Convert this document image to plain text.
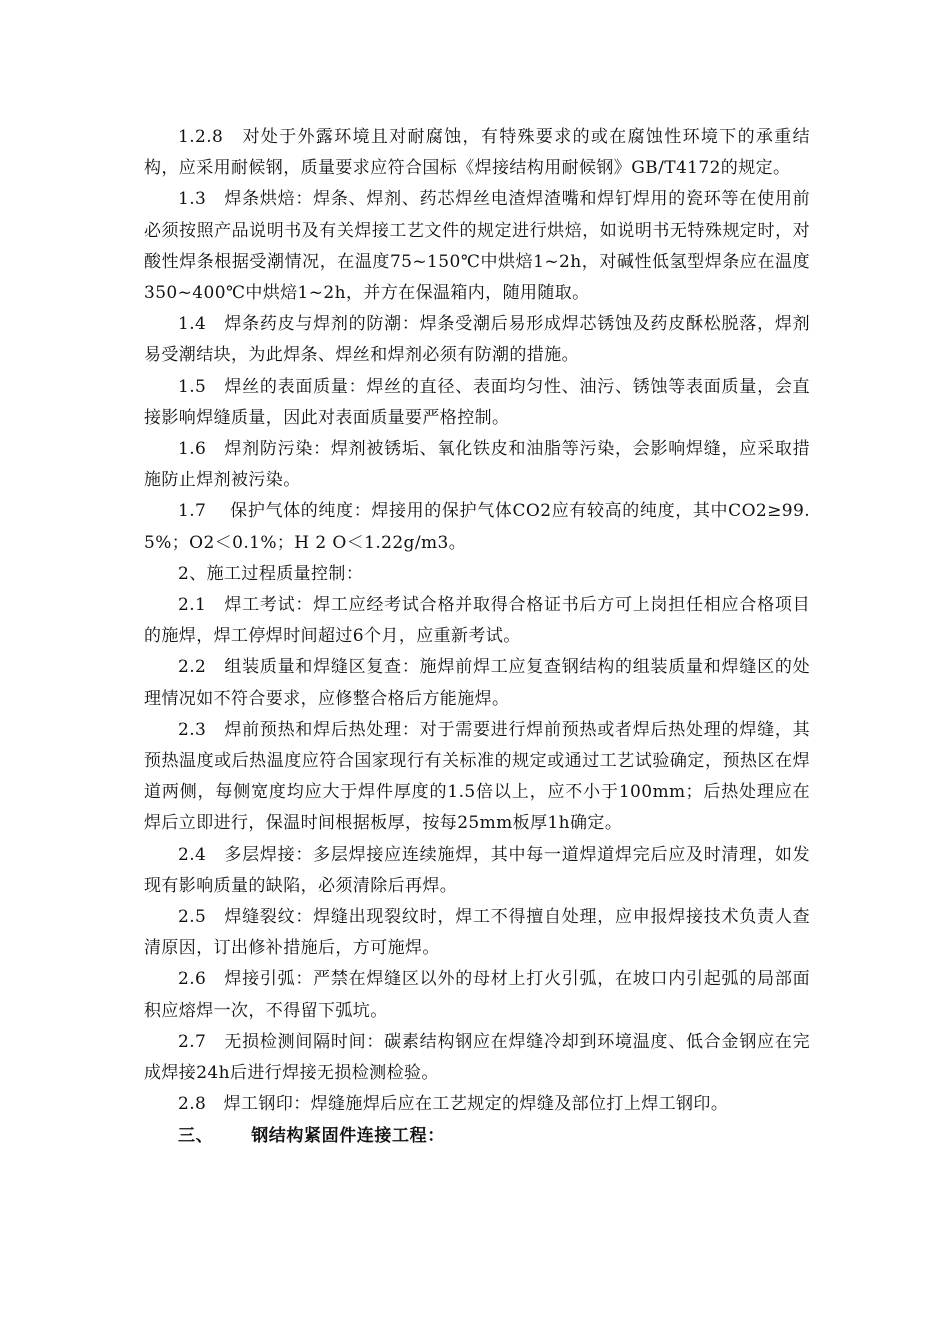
1.2.8　对处于外露环境且对耐腐蚀，有特殊要求的或在腐蚀性环境下的承重结构，应采用耐候钢，质量要求应符合国标《焊接结构用耐候钢》GB/T4172的规定。

1.3　焊条烘焙：焊条、焊剂、药芯焊丝电渣焊渣嘴和焊钉焊用的瓷环等在使用前必须按照产品说明书及有关焊接工艺文件的规定进行烘焙，如说明书无特殊规定时，对酸性焊条根据受潮情况，在温度75~150℃中烘焙1~2h，对碱性低氢型焊条应在温度350~400℃中烘焙1~2h，并方在保温箱内，随用随取。

1.4　焊条药皮与焊剂的防潮：焊条受潮后易形成焊芯锈蚀及药皮酥松脱落，焊剂易受潮结块，为此焊条、焊丝和焊剂必须有防潮的措施。

1.5　焊丝的表面质量：焊丝的直径、表面均匀性、油污、锈蚀等表面质量，会直接影响焊缝质量，因此对表面质量要严格控制。

1.6　焊剂防污染：焊剂被锈垢、氧化铁皮和油脂等污染，会影响焊缝，应采取措施防止焊剂被污染。

1.7　 保护气体的纯度：焊接用的保护气体CO2应有较高的纯度，其中CO2≥99.5%；O2＜0.1%；H 2 O＜1.22g/m3。

2、施工过程质量控制：

2.1　焊工考试：焊工应经考试合格并取得合格证书后方可上岗担任相应合格项目的施焊，焊工停焊时间超过6个月，应重新考试。

2.2　组装质量和焊缝区复查：施焊前焊工应复查钢结构的组装质量和焊缝区的处理情况如不符合要求，应修整合格后方能施焊。

2.3　焊前预热和焊后热处理：对于需要进行焊前预热或者焊后热处理的焊缝，其预热温度或后热温度应符合国家现行有关标准的规定或通过工艺试验确定，预热区在焊道两侧，每侧宽度均应大于焊件厚度的1.5倍以上，应不小于100mm；后热处理应在焊后立即进行，保温时间根据板厚，按每25mm板厚1h确定。

2.4　多层焊接：多层焊接应连续施焊，其中每一道焊道焊完后应及时清理，如发现有影响质量的缺陷，必须清除后再焊。

2.5　焊缝裂纹：焊缝出现裂纹时，焊工不得擅自处理，应申报焊接技术负责人查清原因，订出修补措施后，方可施焊。

2.6　焊接引弧：严禁在焊缝区以外的母材上打火引弧，在坡口内引起弧的局部面积应熔焊一次，不得留下弧坑。

2.7　无损检测间隔时间：碳素结构钢应在焊缝冷却到环境温度、低合金钢应在完成焊接24h后进行焊接无损检测检验。

2.8　焊工钢印：焊缝施焊后应在工艺规定的焊缝及部位打上焊工钢印。

三、 钢结构紧固件连接工程：
